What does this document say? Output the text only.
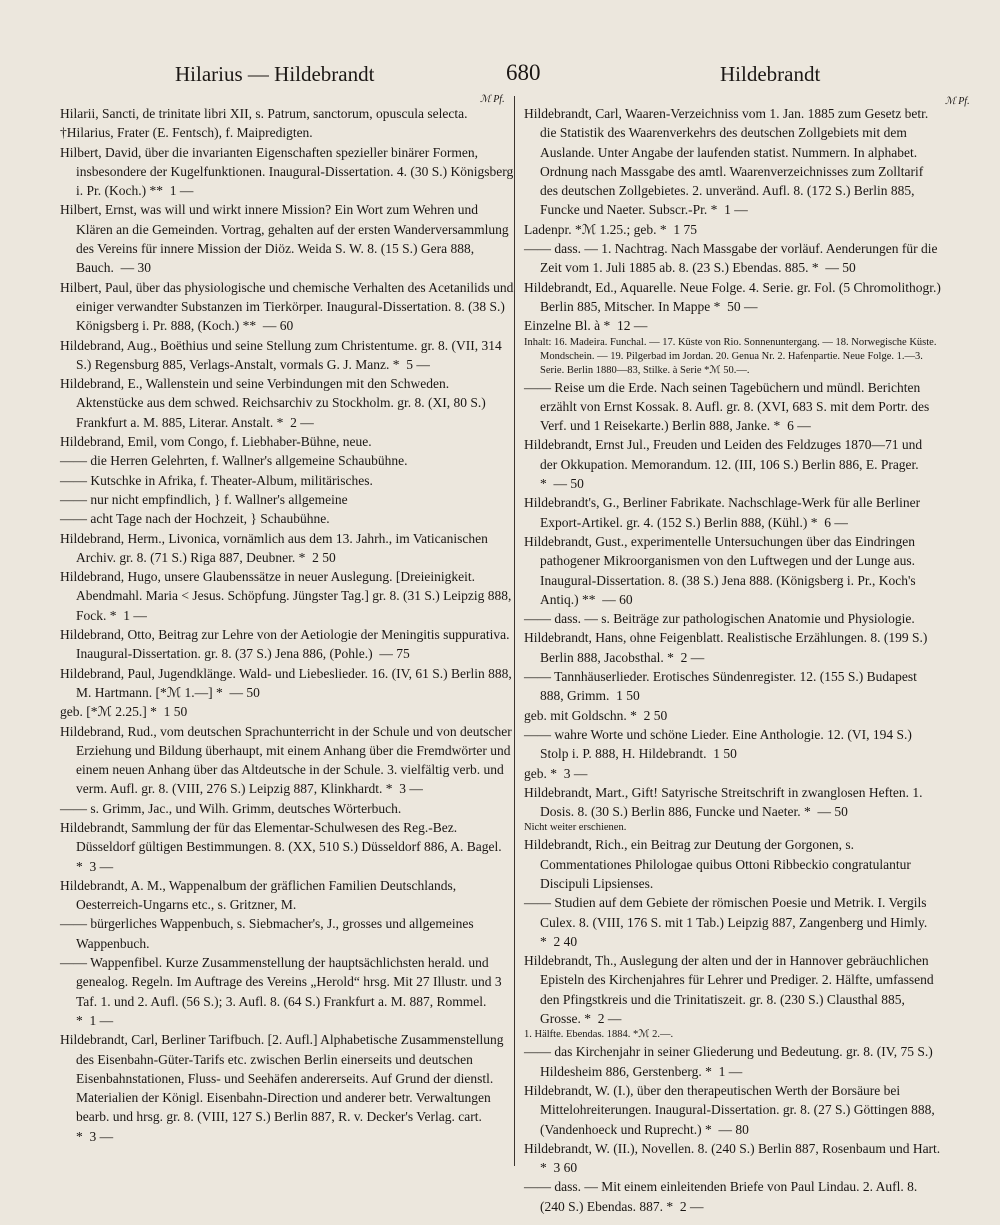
Hilarius — Hildebrandt	680	Hildebrandt
ℳ Pf.	ℳ Pf.
Hilarii, Sancti, de trinitate libri XII, s. Patrum, sanctorum, opuscula selecta.
†Hilarius, Frater (E. Fentsch), f. Maipredigten.
Hilbert, David, über die invarianten Eigenschaften spezieller binärer Formen, insbesondere der Kugelfunktionen. Inaugural-Dissertation. 4. (30 S.) Königsberg i. Pr. (Koch.) ** 1 —
Hilbert, Ernst, was will und wirkt innere Mission? Ein Wort zum Wehren und Klären an die Gemeinden. Vortrag, gehalten auf der ersten Wanderversammlung des Vereins für innere Mission der Diöz. Weida S. W. 8. (15 S.) Gera 888, Bauch. — 30
Hilbert, Paul, über das physiologische und chemische Verhalten des Acetanilids und einiger verwandter Substanzen im Tierkörper. Inaugural-Dissertation. 8. (38 S.) Königsberg i. Pr. 888, (Koch.) ** — 60
Hildebrand, Aug., Boëthius und seine Stellung zum Christentume. gr. 8. (VII, 314 S.) Regensburg 885, Verlags-Anstalt, vormals G. J. Manz. * 5 —
Hildebrand, E., Wallenstein und seine Verbindungen mit den Schweden. Aktenstücke aus dem schwed. Reichsarchiv zu Stockholm. gr. 8. (XI, 80 S.) Frankfurt a. M. 885, Literar. Anstalt. * 2 —
Hildebrand, Emil, vom Congo, f. Liebhaber-Bühne, neue.
—— die Herren Gelehrten, f. Wallner's allgemeine Schaubühne.
—— Kutschke in Afrika, f. Theater-Album, militärisches.
—— nur nicht empfindlich, } f. Wallner's allgemeine
—— acht Tage nach der Hochzeit, } Schaubühne.
Hildebrand, Herm., Livonica, vornämlich aus dem 13. Jahrh., im Vaticanischen Archiv. gr. 8. (71 S.) Riga 887, Deubner. * 2 50
Hildebrand, Hugo, unsere Glaubenssätze in neuer Auslegung. [Dreieinigkeit. Abendmahl. Maria < Jesus. Schöpfung. Jüngster Tag.] gr. 8. (31 S.) Leipzig 888, Fock. * 1 —
Hildebrand, Otto, Beitrag zur Lehre von der Aetiologie der Meningitis suppurativa. Inaugural-Dissertation. gr. 8. (37 S.) Jena 886, (Pohle.) — 75
Hildebrand, Paul, Jugendklänge. Wald- und Liebeslieder. 16. (IV, 61 S.) Berlin 888, M. Hartmann. [*ℳ 1.—] * — 50
geb. [*ℳ 2.25.] * 1 50
Hildebrand, Rud., vom deutschen Sprachunterricht in der Schule und von deutscher Erziehung und Bildung überhaupt, mit einem Anhang über die Fremdwörter und einem neuen Anhang über das Altdeutsche in der Schule. 3. vielfältig verb. und verm. Aufl. gr. 8. (VIII, 276 S.) Leipzig 887, Klinkhardt. * 3 —
—— s. Grimm, Jac., und Wilh. Grimm, deutsches Wörterbuch.
Hildebrandt, Sammlung der für das Elementar-Schulwesen des Reg.-Bez. Düsseldorf gültigen Bestimmungen. 8. (XX, 510 S.) Düsseldorf 886, A. Bagel. * 3 —
Hildebrandt, A. M., Wappenalbum der gräflichen Familien Deutschlands, Oesterreich-Ungarns etc., s. Gritzner, M.
—— bürgerliches Wappenbuch, s. Siebmacher's, J., grosses und allgemeines Wappenbuch.
—— Wappenfibel. Kurze Zusammenstellung der hauptsächlichsten herald. und genealog. Regeln. Im Auftrage des Vereins „Herold“ hrsg. Mit 27 Illustr. und 3 Taf. 1. und 2. Aufl. (56 S.); 3. Aufl. 8. (64 S.) Frankfurt a. M. 887, Rommel. * 1 —
Hildebrandt, Carl, Berliner Tarifbuch. [2. Aufl.] Alphabetische Zusammenstellung des Eisenbahn-Güter-Tarifs etc. zwischen Berlin einerseits und deutschen Eisenbahnstationen, Fluss- und Seehäfen andererseits. Auf Grund der dienstl. Materialien der Königl. Eisenbahn-Direction und anderer betr. Verwaltungen bearb. und hrsg. gr. 8. (VIII, 127 S.) Berlin 887, R. v. Decker's Verlag. cart. * 3 —
Hildebrandt, Carl, Waaren-Verzeichniss vom 1. Jan. 1885 zum Gesetz betr. die Statistik des Waarenverkehrs des deutschen Zollgebiets mit dem Auslande. Unter Angabe der laufenden statist. Nummern. In alphabet. Ordnung nach Massgabe des amtl. Waarenverzeichnisses zum Zolltarif des deutschen Zollgebietes. 2. unveränd. Aufl. 8. (172 S.) Berlin 885, Funcke und Naeter. Subscr.-Pr. * 1 —
Ladenpr. *ℳ 1.25.; geb. * 1 75
—— dass. — 1. Nachtrag. Nach Massgabe der vorläuf. Aenderungen für die Zeit vom 1. Juli 1885 ab. 8. (23 S.) Ebendas. 885. * — 50
Hildebrandt, Ed., Aquarelle. Neue Folge. 4. Serie. gr. Fol. (5 Chromolithogr.) Berlin 885, Mitscher. In Mappe * 50 —
Einzelne Bl. à * 12 —
Inhalt: 16. Madeira. Funchal. — 17. Küste von Rio. Sonnenuntergang. — 18. Norwegische Küste. Mondschein. — 19. Pilgerbad im Jordan. 20. Genua Nr. 2. Hafenpartie. Neue Folge. 1.—3. Serie. Berlin 1880—83, Stilke. à Serie *ℳ 50.—.
—— Reise um die Erde. Nach seinen Tagebüchern und mündl. Berichten erzählt von Ernst Kossak. 8. Aufl. gr. 8. (XVI, 683 S. mit dem Portr. des Verf. und 1 Reisekarte.) Berlin 888, Janke. * 6 —
Hildebrandt, Ernst Jul., Freuden und Leiden des Feldzuges 1870—71 und der Okkupation. Memorandum. 12. (III, 106 S.) Berlin 886, E. Prager. * — 50
Hildebrandt's, G., Berliner Fabrikate. Nachschlage-Werk für alle Berliner Export-Artikel. gr. 4. (152 S.) Berlin 888, (Kühl.) * 6 —
Hildebrandt, Gust., experimentelle Untersuchungen über das Eindringen pathogener Mikroorganismen von den Luftwegen und der Lunge aus. Inaugural-Dissertation. 8. (38 S.) Jena 888. (Königsberg i. Pr., Koch's Antiq.) ** — 60
—— dass. — s. Beiträge zur pathologischen Anatomie und Physiologie.
Hildebrandt, Hans, ohne Feigenblatt. Realistische Erzählungen. 8. (199 S.) Berlin 888, Jacobsthal. * 2 —
—— Tannhäuserlieder. Erotisches Sündenregister. 12. (155 S.) Budapest 888, Grimm. 1 50
geb. mit Goldschn. * 2 50
—— wahre Worte und schöne Lieder. Eine Anthologie. 12. (VI, 194 S.) Stolp i. P. 888, H. Hildebrandt. 1 50
geb. * 3 —
Hildebrandt, Mart., Gift! Satyrische Streitschrift in zwanglosen Heften. 1. Dosis. 8. (30 S.) Berlin 886, Funcke und Naeter. * — 50
Nicht weiter erschienen.
Hildebrandt, Rich., ein Beitrag zur Deutung der Gorgonen, s. Commentationes Philologae quibus Ottoni Ribbeckio congratulantur Discipuli Lipsienses.
—— Studien auf dem Gebiete der römischen Poesie und Metrik. I. Vergils Culex. 8. (VIII, 176 S. mit 1 Tab.) Leipzig 887, Zangenberg und Himly. * 2 40
Hildebrandt, Th., Auslegung der alten und der in Hannover gebräuchlichen Episteln des Kirchenjahres für Lehrer und Prediger. 2. Hälfte, umfassend den Pfingstkreis und die Trinitatiszeit. gr. 8. (230 S.) Clausthal 885, Grosse. * 2 —
1. Hälfte. Ebendas. 1884. *ℳ 2.—.
—— das Kirchenjahr in seiner Gliederung und Bedeutung. gr. 8. (IV, 75 S.) Hildesheim 886, Gerstenberg. * 1 —
Hildebrandt, W. (I.), über den therapeutischen Werth der Borsäure bei Mittelohreiterungen. Inaugural-Dissertation. gr. 8. (27 S.) Göttingen 888, (Vandenhoeck und Ruprecht.) * — 80
Hildebrandt, W. (II.), Novellen. 8. (240 S.) Berlin 887, Rosenbaum und Hart. * 3 60
—— dass. — Mit einem einleitenden Briefe von Paul Lindau. 2. Aufl. 8. (240 S.) Ebendas. 887. * 2 —
